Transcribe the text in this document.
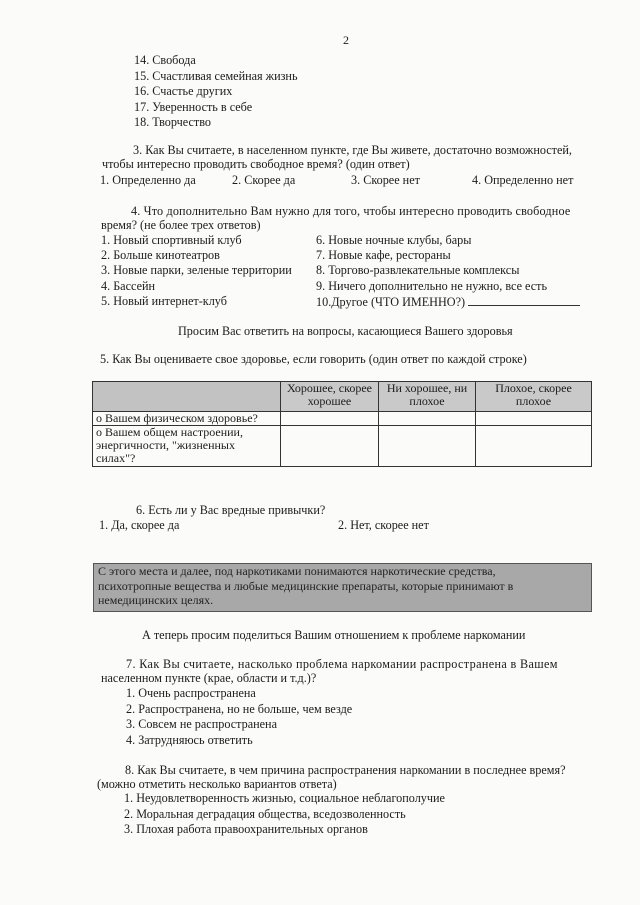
2
14. Свобода
15. Счастливая семейная жизнь
16. Счастье других
17. Уверенность в себе
18. Творчество
3. Как Вы считаете, в населенном пункте, где Вы живете, достаточно возможностей,
чтобы интересно проводить свободное время? (один ответ)
1. Определенно да	2. Скорее да	3. Скорее нет	4. Определенно нет
4. Что дополнительно Вам нужно для того, чтобы интересно проводить свободное
время? (не более трех ответов)
1. Новый спортивный клуб
2. Больше кинотеатров
3. Новые парки, зеленые территории
4. Бассейн
5. Новый интернет-клуб
6. Новые ночные клубы, бары
7. Новые кафе, рестораны
8. Торгово-развлекательные комплексы
9. Ничего дополнительно не нужно, все есть
10.Другое (ЧТО ИМЕННО?)
Просим Вас ответить на вопросы, касающиеся Вашего здоровья
5. Как Вы оцениваете свое здоровье, если говорить (один ответ по каждой строке)
	Хорошее, скорее хорошее	Ни хорошее, ни плохое	Плохое, скорее плохое
о Вашем физическом здоровье?			
о Вашем общем настроении, энергичности, "жизненных силах"?			
6. Есть ли у Вас вредные привычки?
1. Да, скорее да	2. Нет, скорее нет
С этого места и далее, под наркотиками понимаются наркотические средства,
психотропные вещества и любые медицинские препараты, которые принимают в
немедицинских целях.
А теперь просим поделиться Вашим отношением к проблеме наркомании
7. Как Вы считаете, насколько проблема наркомании распространена в Вашем
населенном пункте (крае, области и т.д.)?
1. Очень распространена
2. Распространена, но не больше, чем везде
3. Совсем не распространена
4. Затрудняюсь ответить
8. Как Вы считаете, в чем причина распространения наркомании в последнее время?
(можно отметить несколько вариантов ответа)
1. Неудовлетворенность жизнью, социальное неблагополучие
2. Моральная деградация общества, вседозволенность
3. Плохая работа правоохранительных органов
